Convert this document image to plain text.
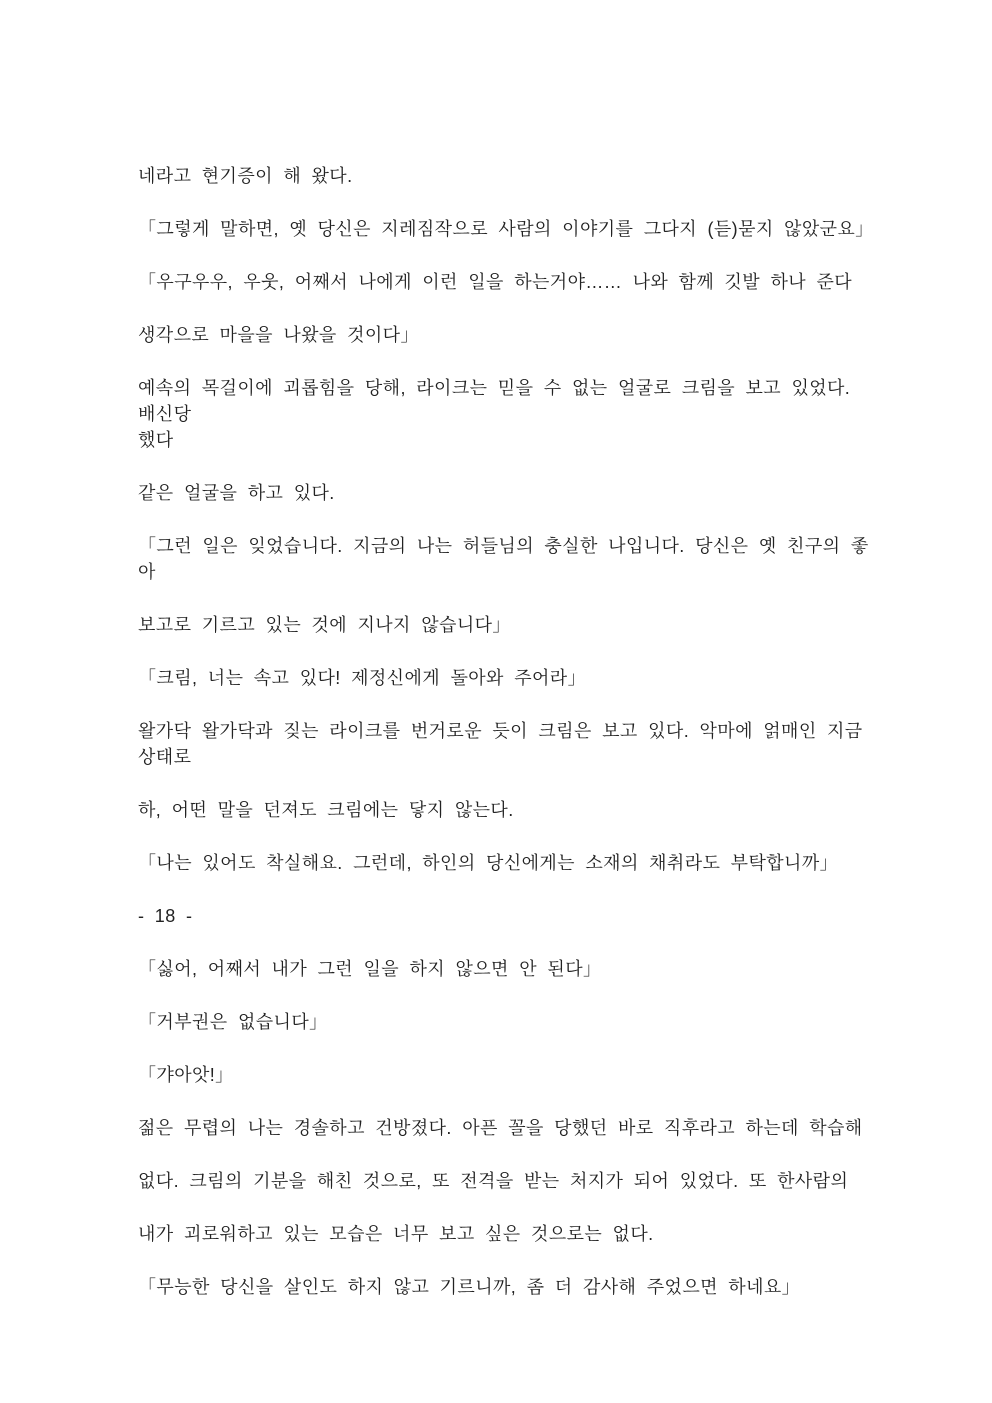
네라고 현기증이 해 왔다.
「그렇게 말하면, 옛 당신은 지레짐작으로 사람의 이야기를 그다지 (듣)묻지 않았군요」
「우구우우, 우웃, 어째서 나에게 이런 일을 하는거야…… 나와 함께 깃발 하나 준다
생각으로 마을을 나왔을 것이다」
예속의 목걸이에 괴롭힘을 당해, 라이크는 믿을 수 없는 얼굴로 크림을 보고 있었다. 배신당
했다
같은 얼굴을 하고 있다.
「그런 일은 잊었습니다. 지금의 나는 허들님의 충실한 나입니다. 당신은 옛 친구의 좋아
보고로 기르고 있는 것에 지나지 않습니다」
「크림, 너는 속고 있다! 제정신에게 돌아와 주어라」
왈가닥 왈가닥과 짖는 라이크를 번거로운 듯이 크림은 보고 있다. 악마에 얽매인 지금 상태로
하, 어떤 말을 던져도 크림에는 닿지 않는다.
「나는 있어도 착실해요. 그런데, 하인의 당신에게는 소재의 채취라도 부탁합니까」
- 18 -
「싫어, 어째서 내가 그런 일을 하지 않으면 안 된다」
「거부권은 없습니다」
「갸아앗!」
젊은 무렵의 나는 경솔하고 건방졌다. 아픈 꼴을 당했던 바로 직후라고 하는데 학습해
없다. 크림의 기분을 해친 것으로, 또 전격을 받는 처지가 되어 있었다. 또 한사람의
내가 괴로워하고 있는 모습은 너무 보고 싶은 것으로는 없다.
「무능한 당신을 살인도 하지 않고 기르니까, 좀 더 감사해 주었으면 하네요」
